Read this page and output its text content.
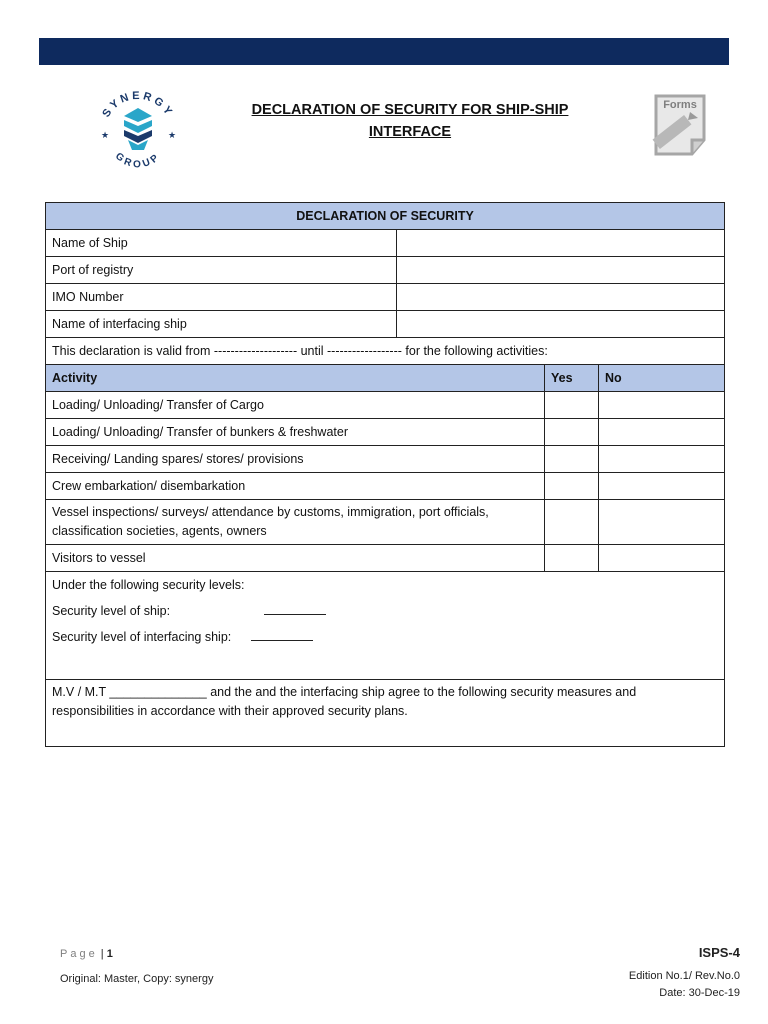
SYNERGY
GROUP
★	★
DECLARATION OF SECURITY FOR SHIP-SHIP
INTERFACE
Forms
DECLARATION OF SECURITY			
Name of Ship			
Port of registry			
IMO Number			
Name of interfacing ship			
This declaration is valid from -------------------- until ------------------ for the following activities:			
Activity		Yes	No
Loading/ Unloading/ Transfer of Cargo			
Loading/ Unloading/ Transfer of bunkers & freshwater			
Receiving/ Landing spares/ stores/ provisions			
Crew embarkation/ disembarkation			
Vessel inspections/ surveys/ attendance by customs, immigration, port officials, classification societies, agents, owners			
Visitors to vessel			

Under the following security levels:
Security level of ship:
Security level of interfacing ship:			

M.V / M.T ______________ and the and the interfacing ship agree to the following security measures and responsibilities in accordance with their approved security plans.			
Page | 1
Original: Master, Copy: synergy
ISPS-4
Edition No.1/ Rev.No.0
Date: 30-Dec-19
